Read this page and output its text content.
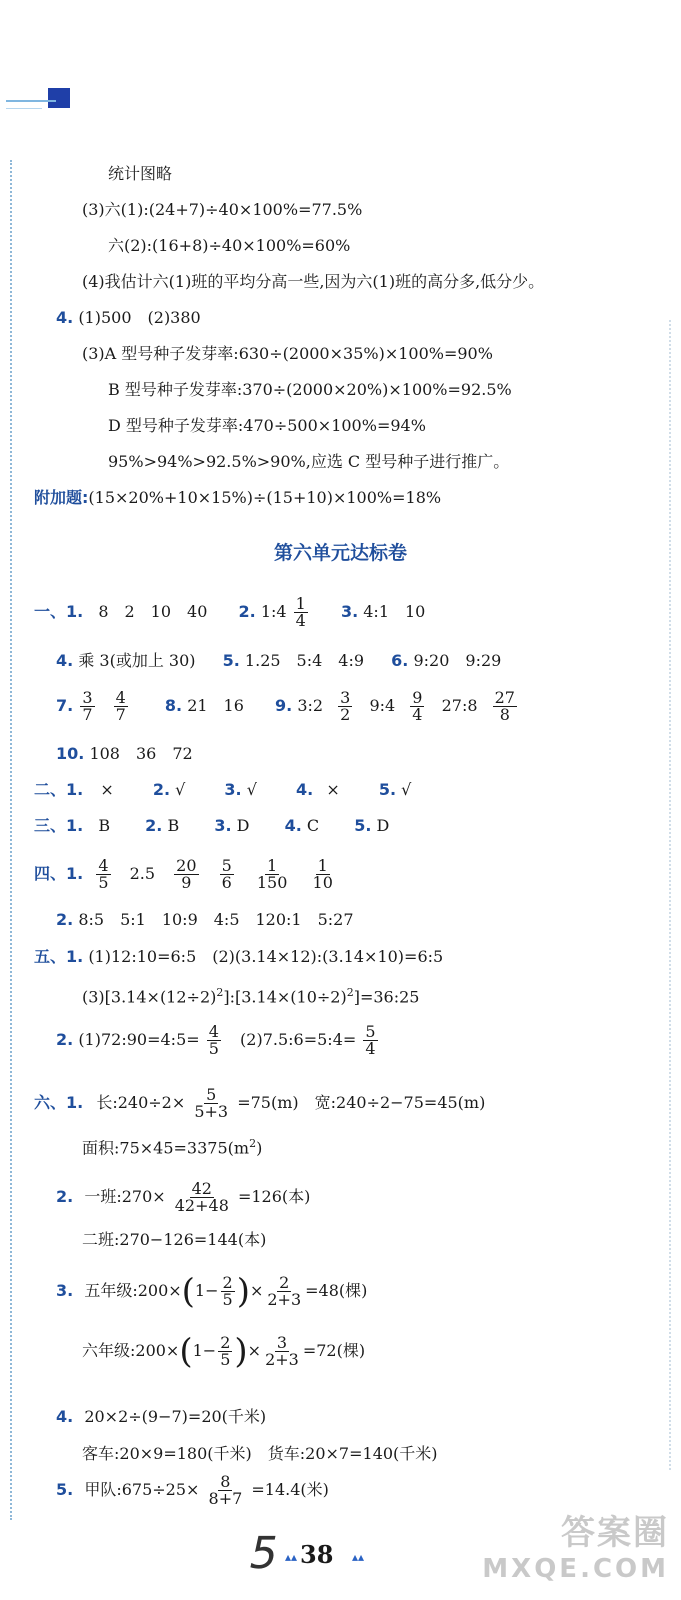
统计图略
(3)六(1):(24+7)÷40×100%=77.5%
六(2):(16+8)÷40×100%=60%
(4)我估计六(1)班的平均分高一些,因为六(1)班的高分多,低分少。
4. (1)500　(2)380
(3)A 型号种子发芽率:630÷(2000×35%)×100%=90%
B 型号种子发芽率:370÷(2000×20%)×100%=92.5%
D 型号种子发芽率:470÷500×100%=94%
95%>94%>92.5%>90%,应选 C 型号种子进行推广。
附加题:(15×20%+10×15%)÷(15+10)×100%=18%
第六单元达标卷
一、1. 8　2　10　40 2. 1:4 $\frac{1}{4} 3$. 4:1　10
4. 乘 3(或加上 30) 5. 1.25　5:4　4:9 6. 9:20　9:29
7. $\frac{3}{7}$
$\frac{4}{7} 8$. 21　16 9. 3:2 $\frac{3}{2}$ 9:4 $\frac{9}{4}$ 27:8 $\frac{27}{8}$
10. 108　36　72
二、1. × 2. √ 3. √ 4. × 5. √
三、1. B 2. B 3. D 4. C 5. D
四、1. $\frac{4}{5} 2.5 \frac{20}{9}$
$\frac{5}{6}$
$\frac{1}{150}$
$\frac{1}{10}$
2. 8:5　5:1　10:9　4:5　120:1　5:27
五、1. (1)12:10=6:5　(2)(3.14×12):(3.14×10)=6:5
$(3)[3.14\times(12\div 2)^2]:[3.14\times(10\div 2)^2]=36:25$
2. (1)72:90=4:5= $\frac{4}{5}$ (2)7.5:6=5:4= $\frac{5}{4}$
六、1. 长:240÷2× $\frac{5}{5+3} =75(m)$　宽:240÷2−75=45(m)
面积$:75\times 45=3375(m^2)$
2. 一班:270× $\frac{42}{42+48} =126$(本)
二班:270−126=144(本)
3. 五年级:200×(1− $\frac{2}{5}$ )× $\frac{2}{2+3} =48$(棵)
六年级:200×(1− $\frac{2}{5}$ )× $\frac{3}{2+3} =72$(棵)
4. 20×2÷(9−7)=20(千米)
客车:20×9=180(千米)　货车:20×7=140(千米)
5. 甲队:675÷25× $\frac{8}{8+7} =14.4$(米)
5 ▴▴ 38 ▴▴
答案圈
MXQE.COM
